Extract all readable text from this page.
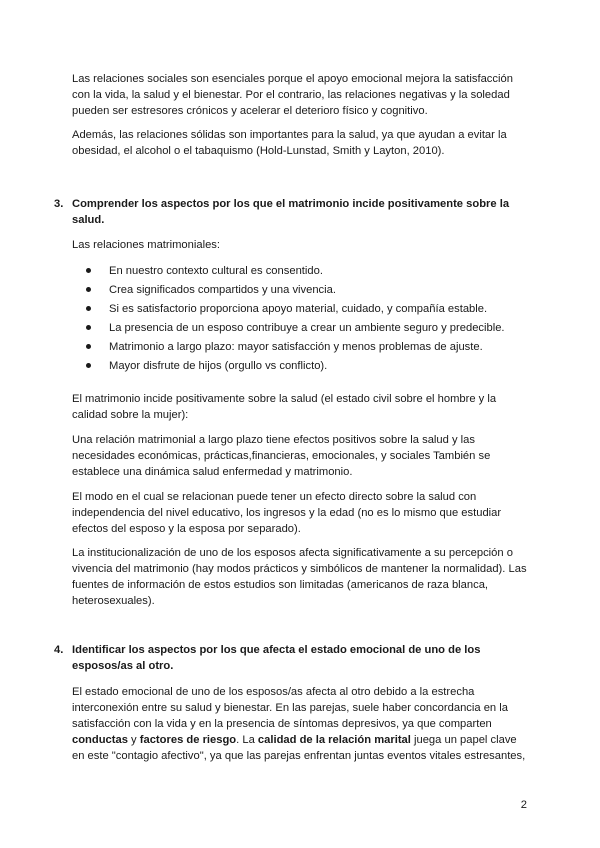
Las relaciones sociales son esenciales porque el apoyo emocional mejora la satisfacción con la vida, la salud y el bienestar. Por el contrario, las relaciones negativas y la soledad pueden ser estresores crónicos y acelerar el deterioro físico y cognitivo.

Además, las relaciones sólidas son importantes para la salud, ya que ayudan a evitar la obesidad, el alcohol o el tabaquismo (Hold-Lunstad, Smith y Layton, 2010).

3. Comprender los aspectos por los que el matrimonio incide positivamente sobre la salud.

Las relaciones matrimoniales:

En nuestro contexto cultural es consentido.
Crea significados compartidos y una vivencia.
Si es satisfactorio proporciona apoyo material, cuidado, y compañía estable.
La presencia de un esposo contribuye a crear un ambiente seguro y predecible.
Matrimonio a largo plazo: mayor satisfacción y menos problemas de ajuste.
Mayor disfrute de hijos (orgullo vs conflicto).

El matrimonio incide positivamente sobre la salud (el estado civil sobre el hombre y la calidad sobre la mujer):

Una relación matrimonial a largo plazo tiene efectos positivos sobre la salud y las necesidades económicas, prácticas,financieras, emocionales, y sociales También se establece una dinámica salud enfermedad y matrimonio.

El modo en el cual se relacionan puede tener un efecto directo sobre la salud con independencia del nivel educativo, los ingresos y la edad (no es lo mismo que estudiar efectos del esposo y la esposa por separado).

La institucionalización de uno de los esposos afecta significativamente a su percepción o vivencia del matrimonio (hay modos prácticos y simbólicos de mantener la normalidad). Las fuentes de información de estos estudios son limitadas (americanos de raza blanca, heterosexuales).

4. Identificar los aspectos por los que afecta el estado emocional de uno de los esposos/as al otro.

El estado emocional de uno de los esposos/as afecta al otro debido a la estrecha interconexión entre su salud y bienestar. En las parejas, suele haber concordancia en la satisfacción con la vida y en la presencia de síntomas depresivos, ya que comparten conductas y factores de riesgo. La calidad de la relación marital juega un papel clave en este "contagio afectivo", ya que las parejas enfrentan juntas eventos vitales estresantes,

2
